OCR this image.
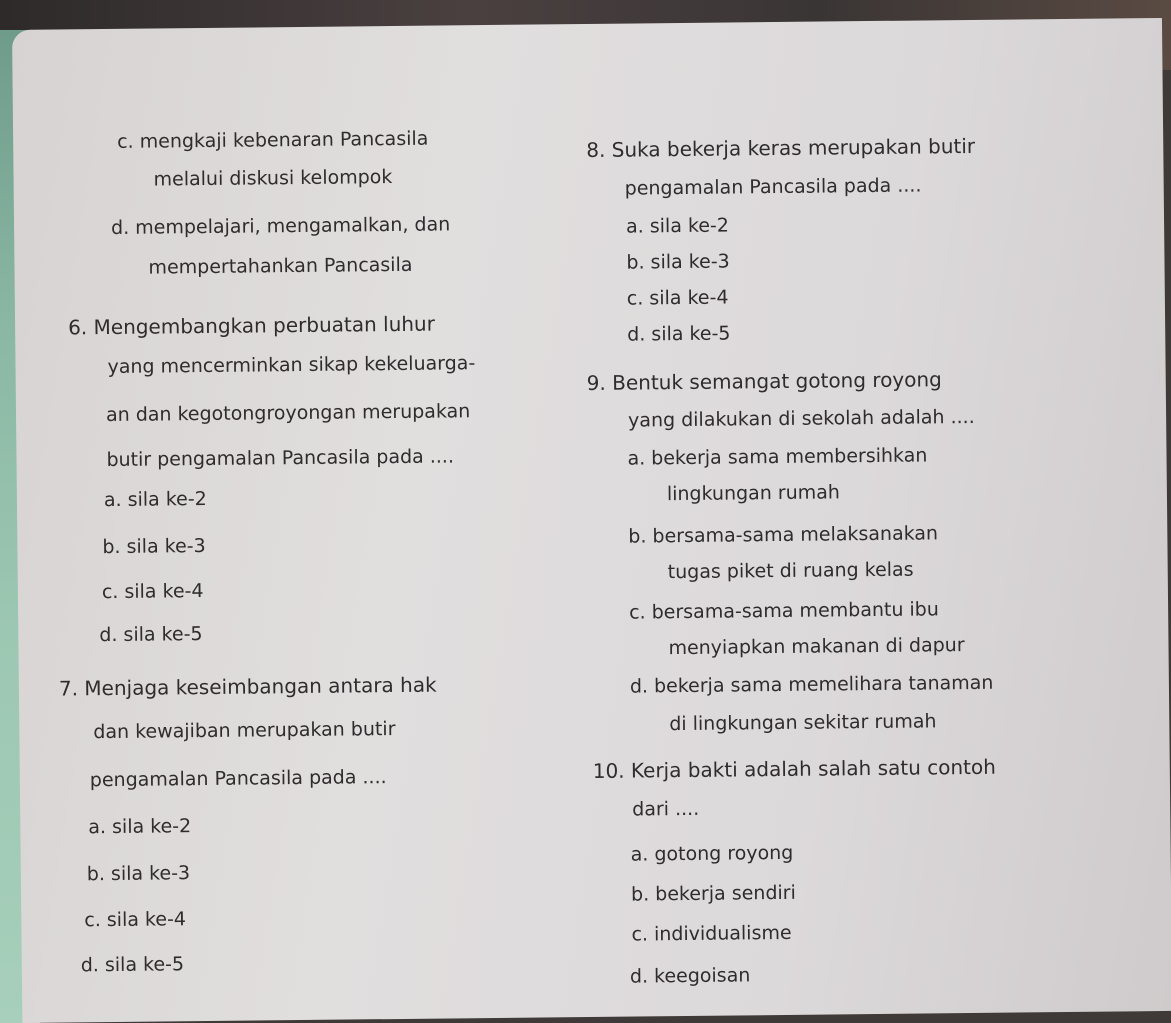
c. mengkaji kebenaran Pancasila
melalui diskusi kelompok
d. mempelajari, mengamalkan, dan
mempertahankan Pancasila
6. Mengembangkan perbuatan luhur
yang mencerminkan sikap kekeluarga-
an dan kegotongroyongan merupakan
butir pengamalan Pancasila pada ....
a. sila ke-2
b. sila ke-3
c. sila ke-4
d. sila ke-5
7. Menjaga keseimbangan antara hak
dan kewajiban merupakan butir
pengamalan Pancasila pada ....
a. sila ke-2
b. sila ke-3
c. sila ke-4
d. sila ke-5
8. Suka bekerja keras merupakan butir
pengamalan Pancasila pada ....
a. sila ke-2
b. sila ke-3
c. sila ke-4
d. sila ke-5
9. Bentuk semangat gotong royong
yang dilakukan di sekolah adalah ....
a. bekerja sama membersihkan
lingkungan rumah
b. bersama-sama melaksanakan
tugas piket di ruang kelas
c. bersama-sama membantu ibu
menyiapkan makanan di dapur
d. bekerja sama memelihara tanaman
di lingkungan sekitar rumah
10. Kerja bakti adalah salah satu contoh
dari ....
a. gotong royong
b. bekerja sendiri
c. individualisme
d. keegoisan
